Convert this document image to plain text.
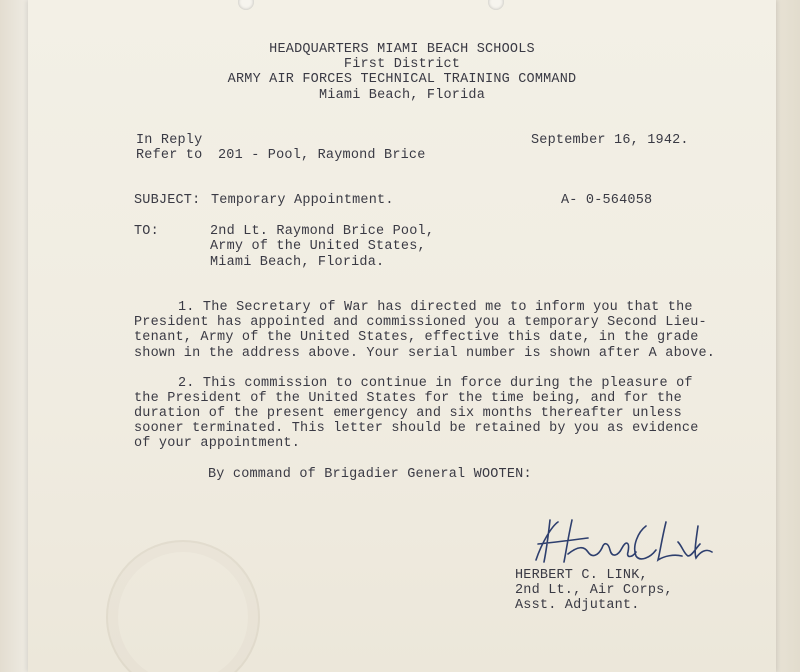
HEADQUARTERS MIAMI BEACH SCHOOLS
First District
ARMY AIR FORCES TECHNICAL TRAINING COMMAND
Miami Beach, Florida
In Reply
Refer to 201 - Pool, Raymond Brice
September 16, 1942.
SUBJECT: Temporary Appointment.	A- 0-564058
TO:	2nd Lt. Raymond Brice Pool,
Army of the United States,
Miami Beach, Florida.
1. The Secretary of War has directed me to inform you that the
President has appointed and commissioned you a temporary Second Lieu-
tenant, Army of the United States, effective this date, in the grade
shown in the address above. Your serial number is shown after A above.
2. This commission to continue in force during the pleasure of
the President of the United States for the time being, and for the
duration of the present emergency and six months thereafter unless
sooner terminated. This letter should be retained by you as evidence
of your appointment.
By command of Brigadier General WOOTEN:
HERBERT C. LINK,
2nd Lt., Air Corps,
Asst. Adjutant.
